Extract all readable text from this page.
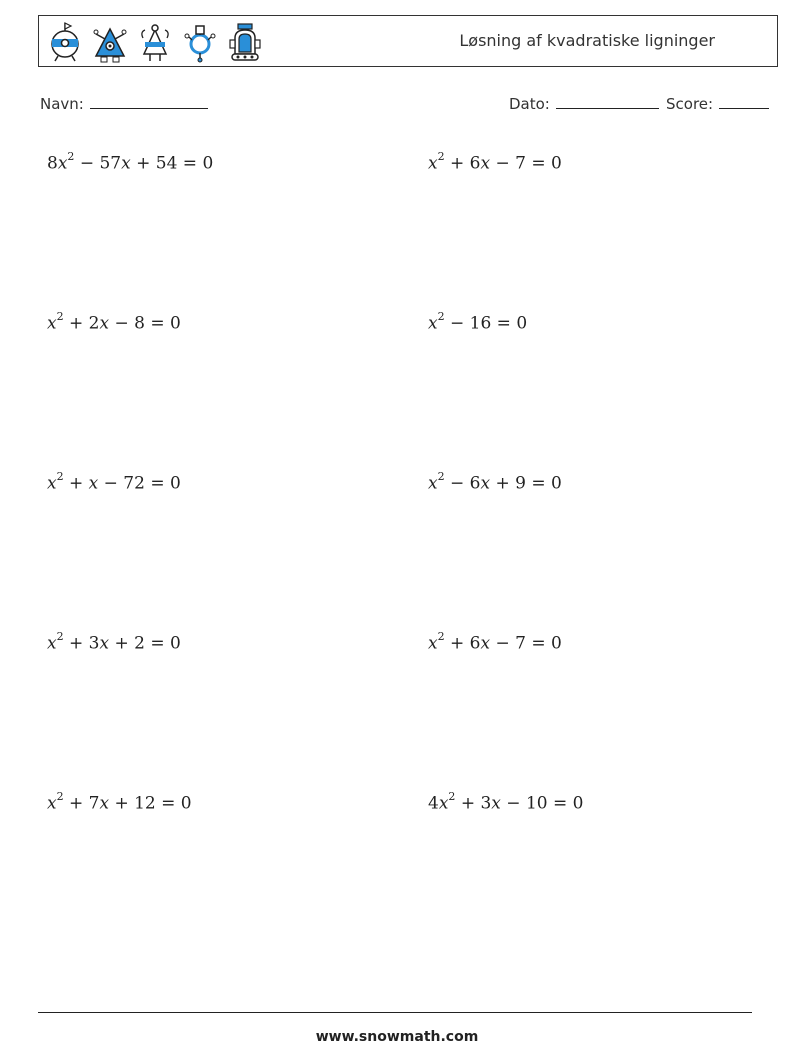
Løsning af kvadratiske ligninger
Navn:	Dato:	Score:
$8x^2 - 57x + 54 = 0$	$x^2 + 6x - 7 = 0$
$x^2 + 2x - 8 = 0$	$x^2 - 16 = 0$
$x^2 + x - 72 = 0$	$x^2 - 6x + 9 = 0$
$x^2 + 3x + 2 = 0$	$x^2 + 6x - 7 = 0$
$x^2 + 7x + 12 = 0$	$4x^2 + 3x - 10 = 0$
www.snowmath.com
